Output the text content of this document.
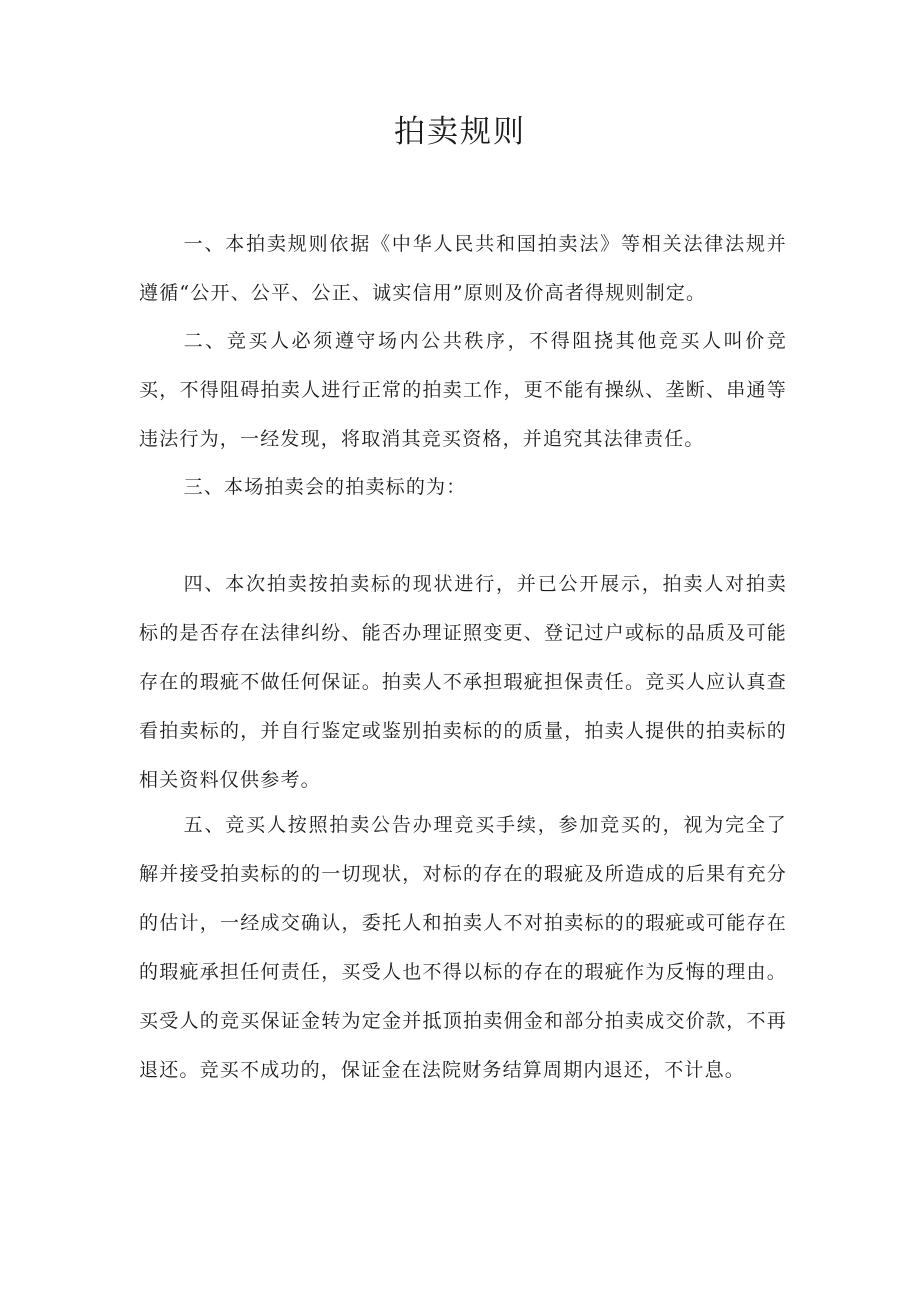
拍卖规则

一、本拍卖规则依据《中华人民共和国拍卖法》等相关法律法规并遵循“公开、公平、公正、诚实信用”原则及价高者得规则制定。

二、竞买人必须遵守场内公共秩序，不得阻挠其他竞买人叫价竞买，不得阻碍拍卖人进行正常的拍卖工作，更不能有操纵、垄断、串通等违法行为，一经发现，将取消其竞买资格，并追究其法律责任。

三、本场拍卖会的拍卖标的为：

四、本次拍卖按拍卖标的现状进行，并已公开展示，拍卖人对拍卖标的是否存在法律纠纷、能否办理证照变更、登记过户或标的品质及可能存在的瑕疵不做任何保证。拍卖人不承担瑕疵担保责任。竞买人应认真查看拍卖标的，并自行鉴定或鉴别拍卖标的的质量，拍卖人提供的拍卖标的相关资料仅供参考。

五、竞买人按照拍卖公告办理竞买手续，参加竞买的，视为完全了解并接受拍卖标的的一切现状，对标的存在的瑕疵及所造成的后果有充分的估计，一经成交确认，委托人和拍卖人不对拍卖标的的瑕疵或可能存在的瑕疵承担任何责任，买受人也不得以标的存在的瑕疵作为反悔的理由。买受人的竞买保证金转为定金并抵顶拍卖佣金和部分拍卖成交价款，不再退还。竞买不成功的，保证金在法院财务结算周期内退还，不计息。
